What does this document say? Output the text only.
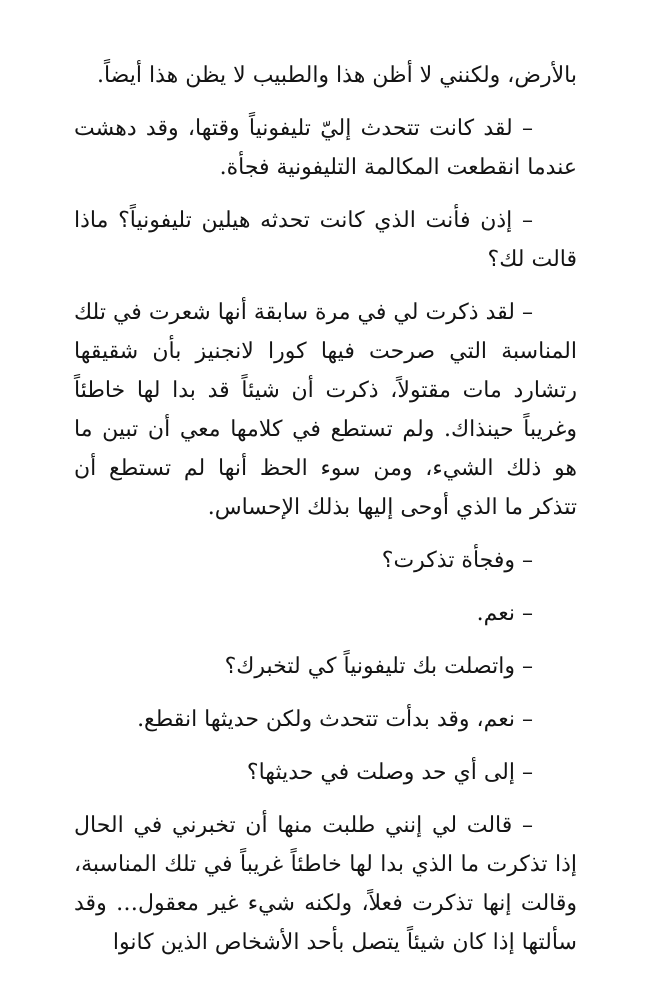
بالأرض، ولكنني لا أظن هذا والطبيب لا يظن هذا أيضاً.

– لقد كانت تتحدث إليّ تليفونياً وقتها، وقد دهشت عندما انقطعت المكالمة التليفونية فجأة.

– إذن فأنت الذي كانت تحدثه هيلين تليفونياً؟ ماذا قالت لك؟

– لقد ذكرت لي في مرة سابقة أنها شعرت في تلك المناسبة التي صرحت فيها كورا لانجنيز بأن شقيقها رتشارد مات مقتولاً، ذكرت أن شيئاً قد بدا لها خاطئاً وغريباً حينذاك. ولم تستطع في كلامها معي أن تبين ما هو ذلك الشيء، ومن سوء الحظ أنها لم تستطع أن تتذكر ما الذي أوحى إليها بذلك الإحساس.

– وفجأة تذكرت؟

– نعم.

– واتصلت بك تليفونياً كي لتخبرك؟

– نعم، وقد بدأت تتحدث ولكن حديثها انقطع.

– إلى أي حد وصلت في حديثها؟

– قالت لي إنني طلبت منها أن تخبرني في الحال إذا تذكرت ما الذي بدا لها خاطئاً غريباً في تلك المناسبة، وقالت إنها تذكرت فعلاً، ولكنه شيء غير معقول… وقد سألتها إذا كان شيئاً يتصل بأحد الأشخاص الذين كانوا
